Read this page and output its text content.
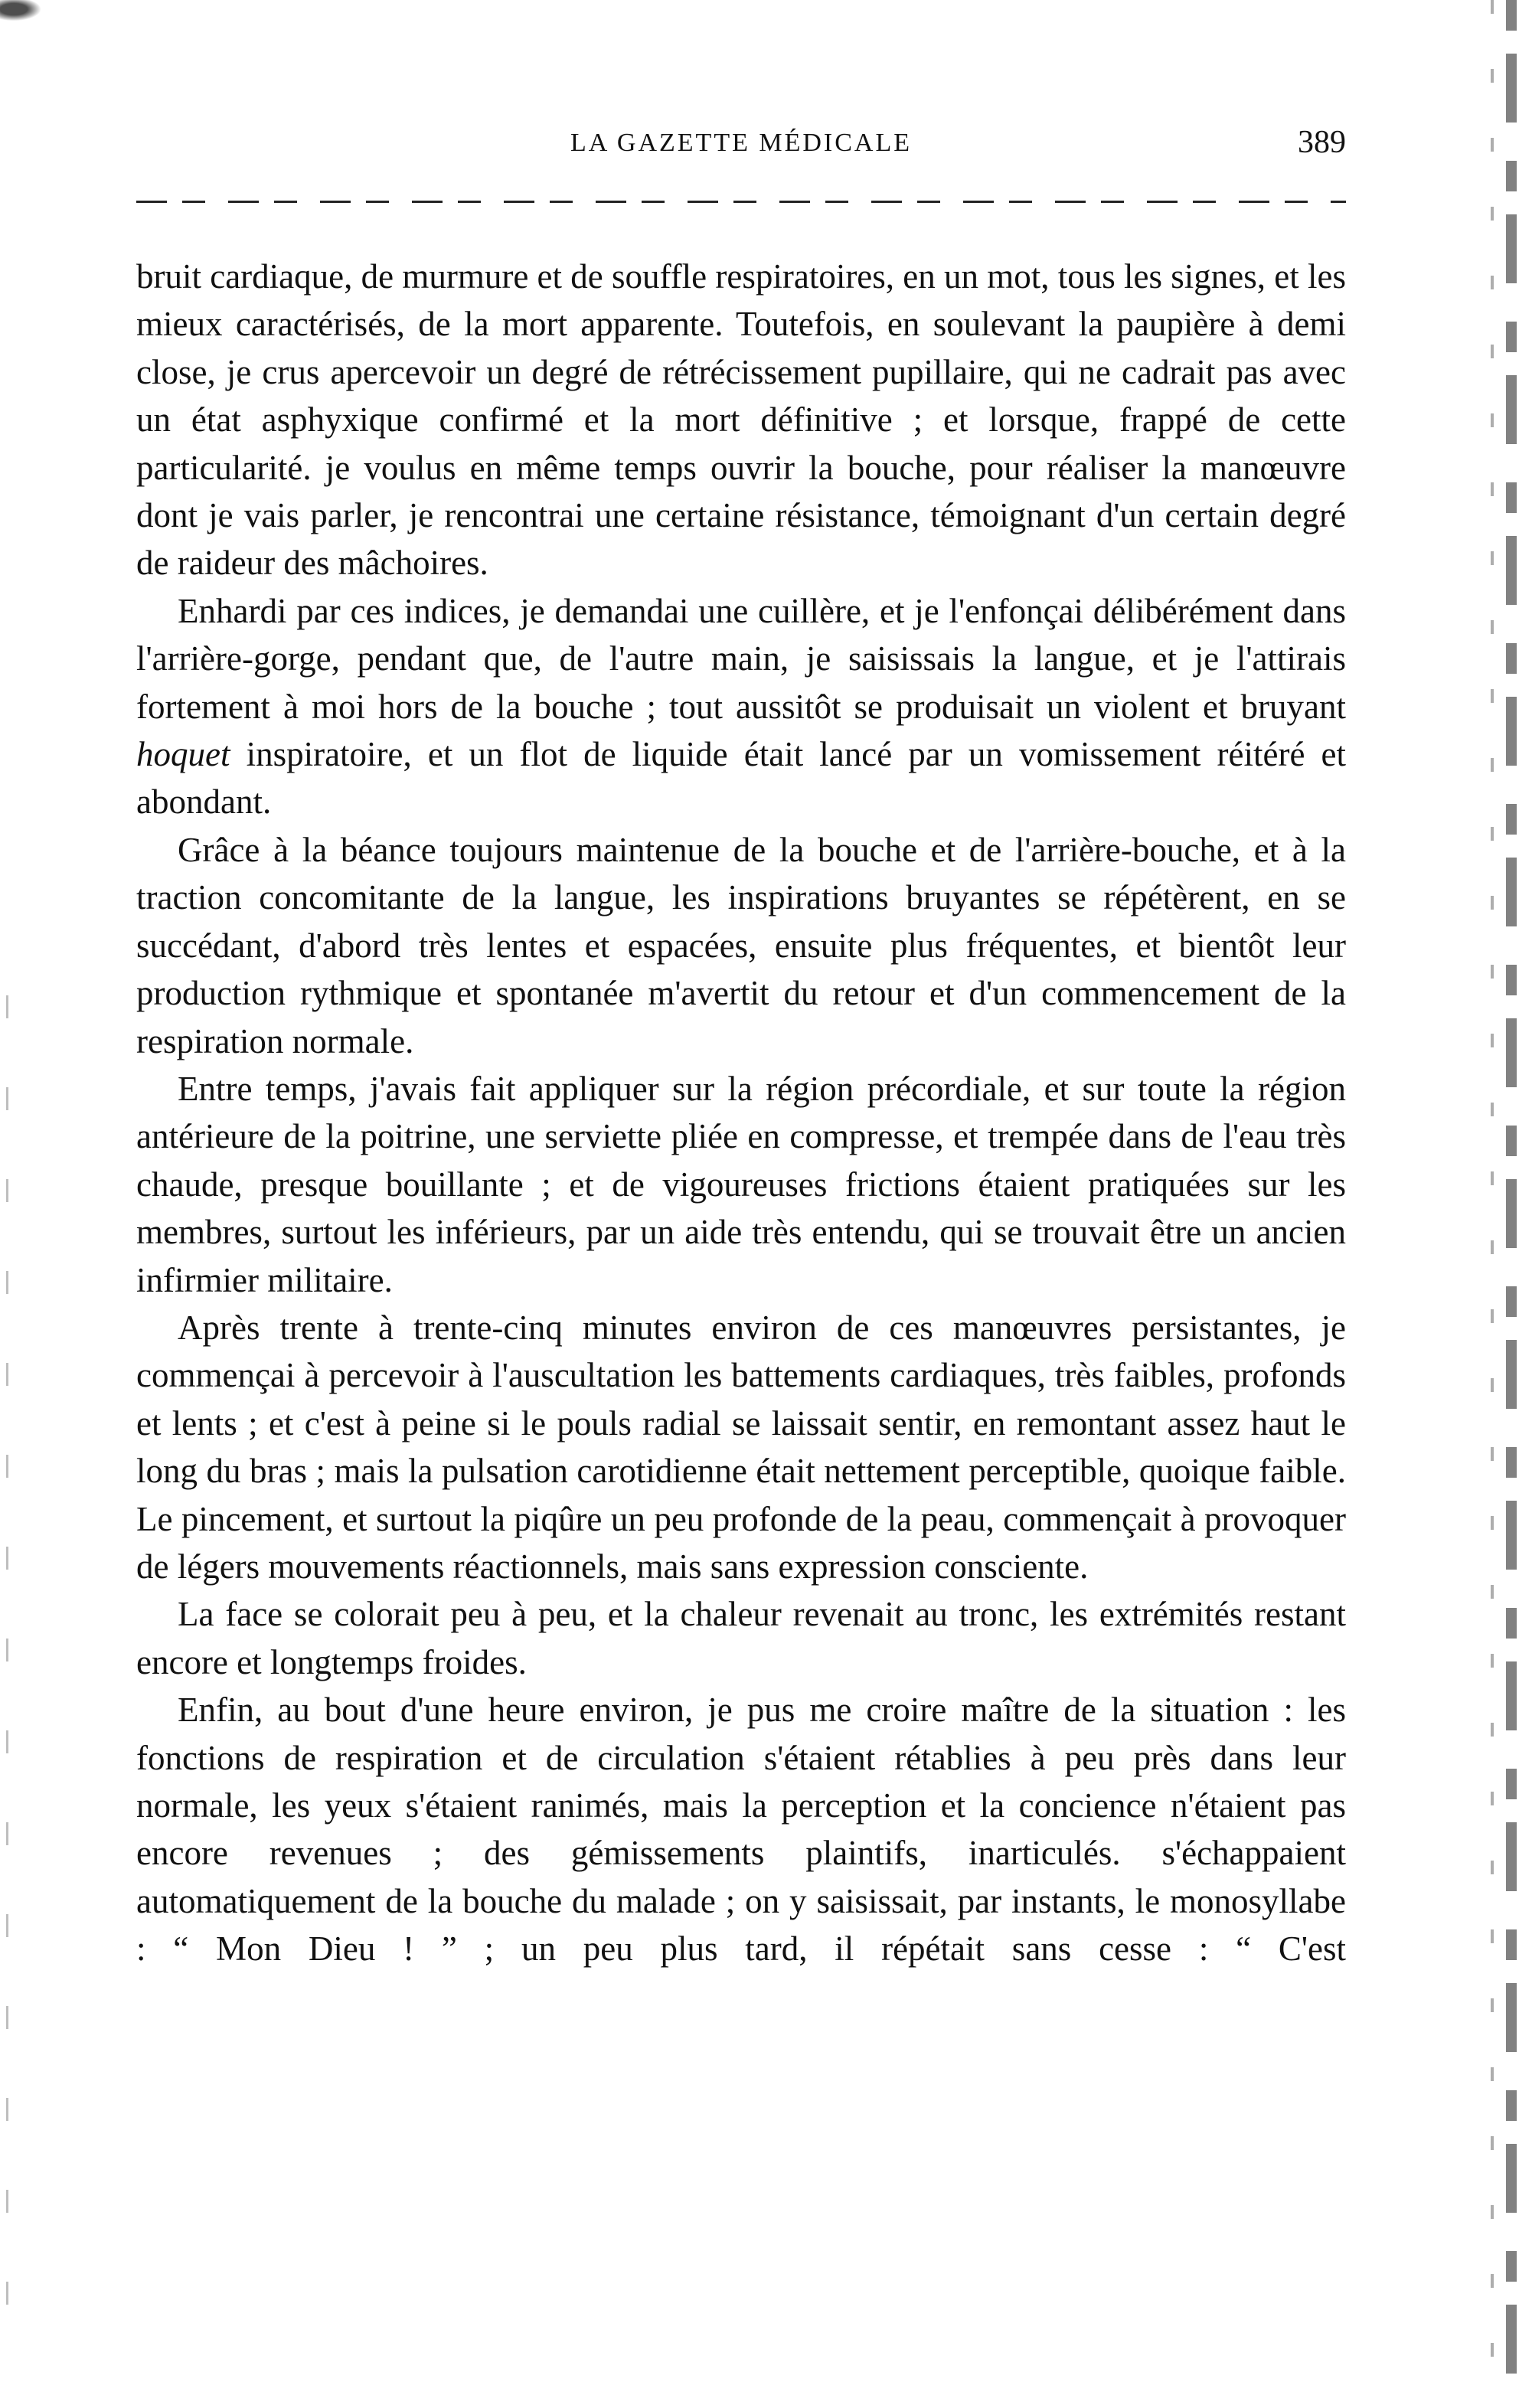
LA GAZETTE MÉDICALE	389

bruit cardiaque, de murmure et de souffle respiratoires, en un mot, tous les signes, et les mieux caractérisés, de la mort apparente. Toutefois, en soulevant la paupière à demi close, je crus apercevoir un degré de rétrécissement pupillaire, qui ne cadrait pas avec un état asphyxique confirmé et la mort définitive ; et lorsque, frappé de cette particularité. je voulus en même temps ouvrir la bouche, pour réaliser la manœuvre dont je vais parler, je rencontrai une certaine résistance, témoignant d'un certain degré de raideur des mâchoires.

Enhardi par ces indices, je demandai une cuillère, et je l'enfonçai délibérément dans l'arrière-gorge, pendant que, de l'autre main, je saisissais la langue, et je l'attirais fortement à moi hors de la bouche ; tout aussitôt se produisait un violent et bruyant hoquet inspiratoire, et un flot de liquide était lancé par un vomissement réitéré et abondant.

Grâce à la béance toujours maintenue de la bouche et de l'arrière-bouche, et à la traction concomitante de la langue, les inspirations bruyantes se répétèrent, en se succédant, d'abord très lentes et espacées, ensuite plus fréquentes, et bientôt leur production rythmique et spontanée m'avertit du retour et d'un commencement de la respiration normale.

Entre temps, j'avais fait appliquer sur la région précordiale, et sur toute la région antérieure de la poitrine, une serviette pliée en compresse, et trempée dans de l'eau très chaude, presque bouillante ; et de vigoureuses frictions étaient pratiquées sur les membres, surtout les inférieurs, par un aide très entendu, qui se trouvait être un ancien infirmier militaire.

Après trente à trente-cinq minutes environ de ces manœuvres persistantes, je commençai à percevoir à l'auscultation les battements cardiaques, très faibles, profonds et lents ; et c'est à peine si le pouls radial se laissait sentir, en remontant assez haut le long du bras ; mais la pulsation carotidienne était nettement perceptible, quoique faible. Le pincement, et surtout la piqûre un peu profonde de la peau, commençait à provoquer de légers mouvements réactionnels, mais sans expression consciente.

La face se colorait peu à peu, et la chaleur revenait au tronc, les extrémités restant encore et longtemps froides.

Enfin, au bout d'une heure environ, je pus me croire maître de la situation : les fonctions de respiration et de circulation s'étaient rétablies à peu près dans leur normale, les yeux s'étaient ranimés, mais la perception et la concience n'étaient pas encore revenues ; des gémissements plaintifs, inarticulés. s'échappaient automatiquement de la bouche du malade ; on y saisissait, par instants, le monosyllabe : “ Mon Dieu ! ” ; un peu plus tard, il répétait sans cesse : “ C'est
